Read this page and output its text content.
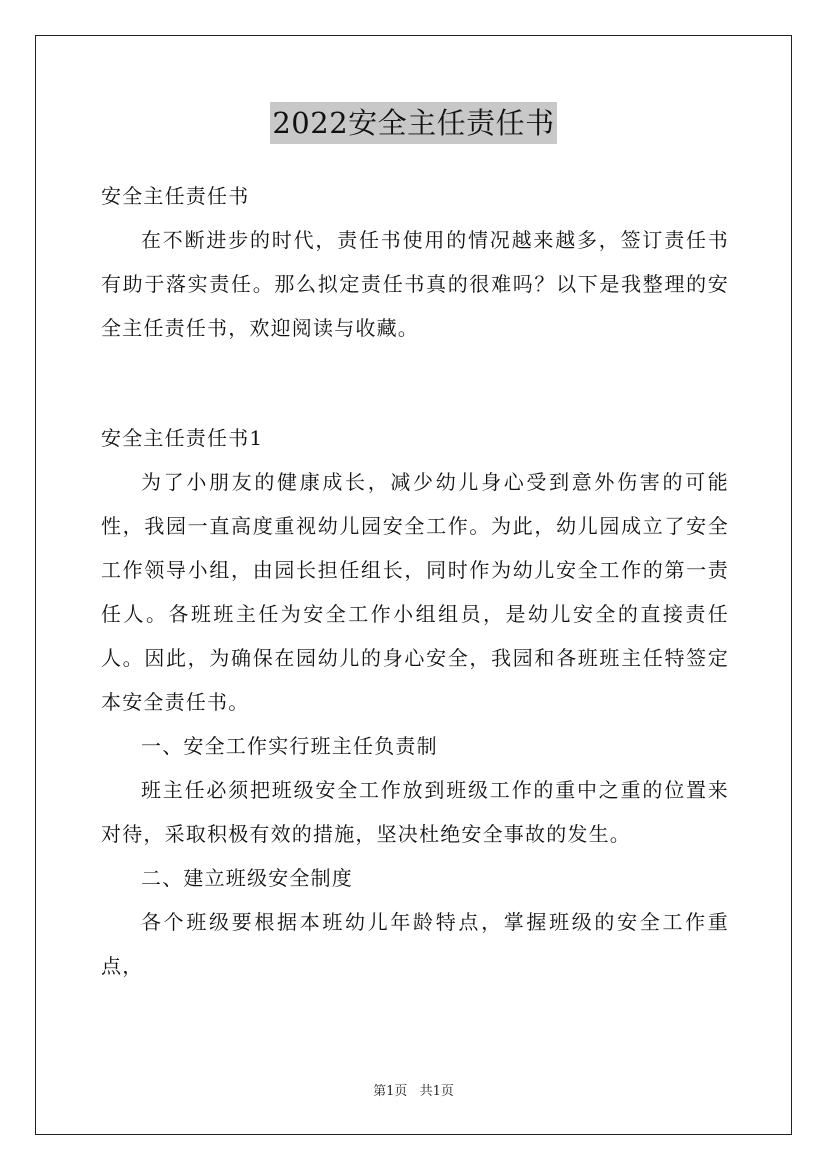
2022安全主任责任书

安全主任责任书

在不断进步的时代，责任书使用的情况越来越多，签订责任书有助于落实责任。那么拟定责任书真的很难吗？以下是我整理的安全主任责任书，欢迎阅读与收藏。

安全主任责任书1

为了小朋友的健康成长，减少幼儿身心受到意外伤害的可能性，我园一直高度重视幼儿园安全工作。为此，幼儿园成立了安全工作领导小组，由园长担任组长，同时作为幼儿安全工作的第一责任人。各班班主任为安全工作小组组员，是幼儿安全的直接责任人。因此，为确保在园幼儿的身心安全，我园和各班班主任特签定本安全责任书。

一、安全工作实行班主任负责制

班主任必须把班级安全工作放到班级工作的重中之重的位置来对待，采取积极有效的措施，坚决杜绝安全事故的发生。

二、建立班级安全制度

各个班级要根据本班幼儿年龄特点，掌握班级的安全工作重点，

第1页 共1页
